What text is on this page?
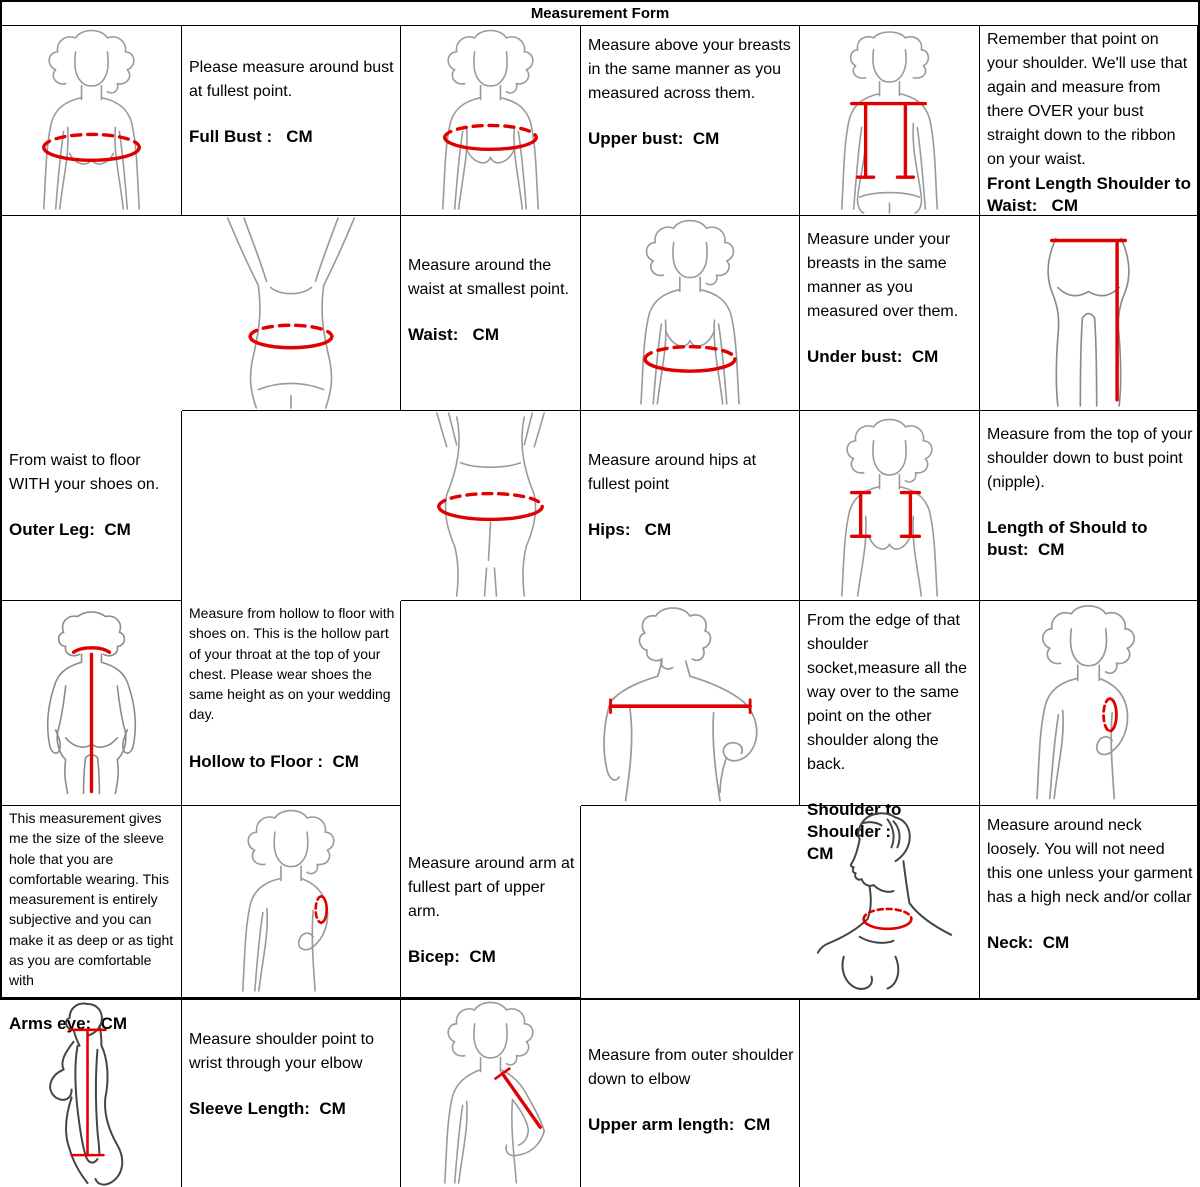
Measurement Form

Please measure around bust at fullest point.

Full Bust :   CM

Measure above your breasts in the same manner as you measured across them.

Upper bust:  CM

Remember that point on your shoulder. We'll use that again and measure from there OVER your bust straight down to the ribbon on your waist.

Front Length Shoulder to Waist:   CM

Measure around the waist at smallest point.

Waist:   CM

Measure under your breasts in the same manner as you measured over them.

Under bust:  CM

From waist to floor WITH your shoes on.

Outer Leg:  CM

Measure around hips at fullest point

Hips:   CM

Measure from the top of your shoulder down to bust point (nipple).

Length of Should to bust:  CM

Measure from hollow to floor with shoes on. This is the hollow part of your throat at the top of your chest. Please wear shoes the same height as on your wedding day.

Hollow to Floor :  CM

From the edge of that shoulder socket,measure all the way over to the same point on the other shoulder along the back.

Shoulder to Shoulder :
CM

This measurement gives me the size of the sleeve hole that you are comfortable wearing. This measurement is entirely subjective and you can make it as deep or as tight as you are comfortable with

Arms eye:  CM

Measure around arm at fullest part of upper arm.

Bicep:  CM

Measure around neck loosely. You will not need this one unless your garment has a high neck and/or collar

Neck:  CM

Measure shoulder point to wrist through your elbow

Sleeve Length:  CM

Measure from outer shoulder down to elbow

Upper arm length:  CM
